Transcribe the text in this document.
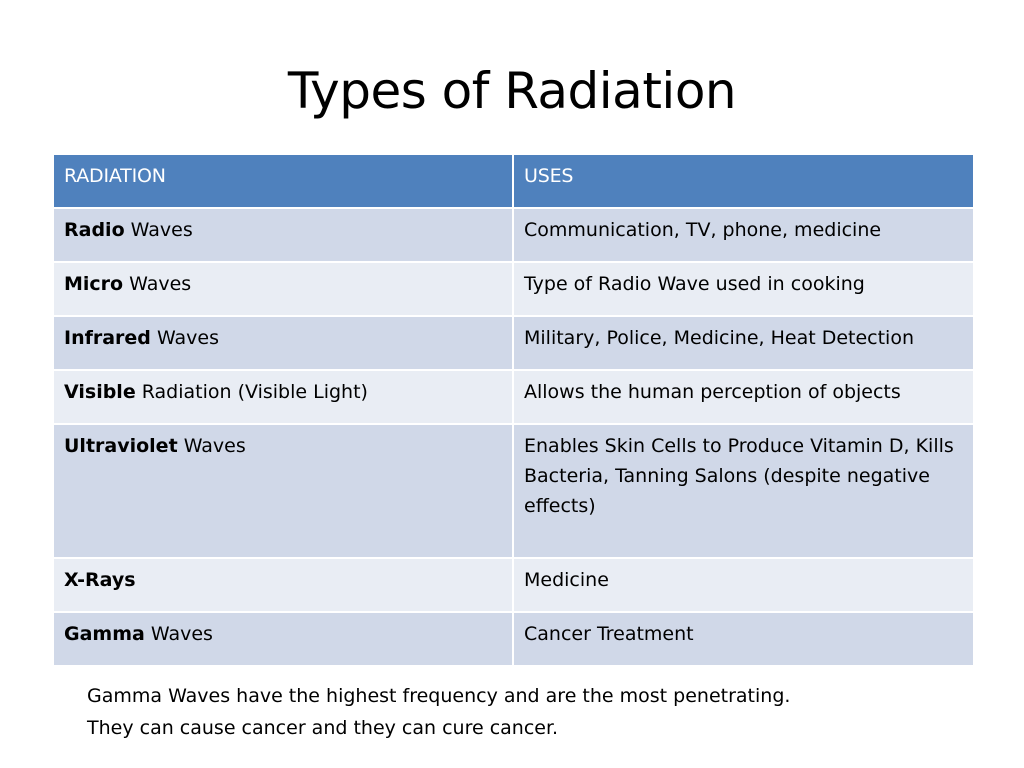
Types of Radiation
RADIATION	USES
Radio Waves	Communication, TV, phone, medicine
Micro Waves	Type of Radio Wave used in cooking
Infrared Waves	Military, Police, Medicine, Heat Detection
Visible Radiation (Visible Light)	Allows the human perception of objects
Ultraviolet Waves	Enables Skin Cells to Produce Vitamin D, Kills Bacteria, Tanning Salons (despite negative effects)
X-Rays	Medicine
Gamma Waves	Cancer Treatment
Gamma Waves have the highest frequency and are the most penetrating.
They can cause cancer and they can cure cancer.
